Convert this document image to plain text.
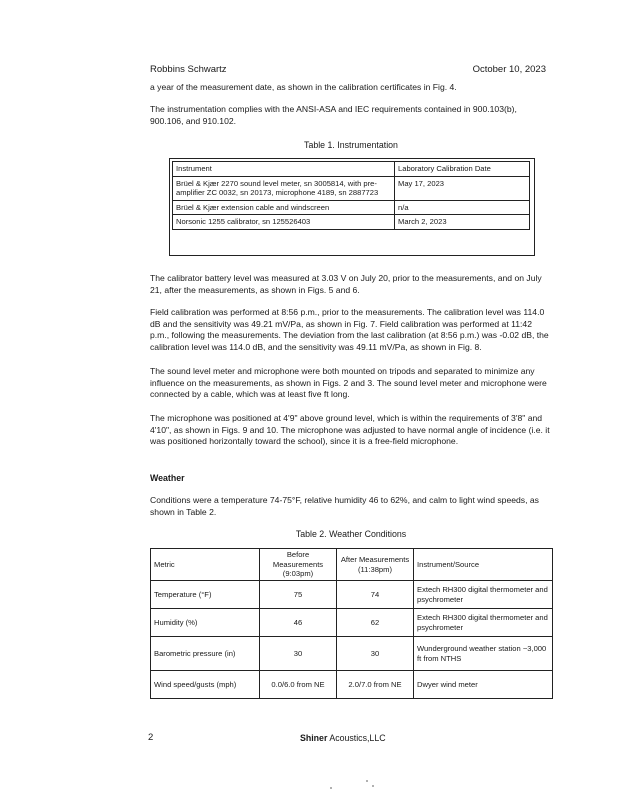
Robbins Schwartz	October 10, 2023
a year of the measurement date, as shown in the calibration certificates in Fig. 4.
The instrumentation complies with the ANSI-ASA and IEC requirements contained in 900.103(b), 900.106, and 910.102.
Table 1. Instrumentation
Instrument	Laboratory Calibration Date
Brüel & Kjær 2270 sound level meter, sn 3005814, with pre-amplifier ZC 0032, sn 20173, microphone 4189, sn 2887723	May 17, 2023
Brüel & Kjær extension cable and windscreen	n/a
Norsonic 1255 calibrator, sn 125526403	March 2, 2023
The calibrator battery level was measured at 3.03 V on July 20, prior to the measurements, and on July 21, after the measurements, as shown in Figs. 5 and 6.
Field calibration was performed at 8:56 p.m., prior to the measurements. The calibration level was 114.0 dB and the sensitivity was 49.21 mV/Pa, as shown in Fig. 7. Field calibration was performed at 11:42 p.m., following the measurements. The deviation from the last calibration (at 8:56 p.m.) was -0.02 dB, the calibration level was 114.0 dB, and the sensitivity was 49.11 mV/Pa, as shown in Fig. 8.
The sound level meter and microphone were both mounted on tripods and separated to minimize any influence on the measurements, as shown in Figs. 2 and 3. The sound level meter and microphone were connected by a cable, which was at least five ft long.
The microphone was positioned at 4'9" above ground level, which is within the requirements of 3'8" and 4'10", as shown in Figs. 9 and 10. The microphone was adjusted to have normal angle of incidence (i.e. it was positioned horizontally toward the school), since it is a free-field microphone.
Weather
Conditions were a temperature 74-75°F, relative humidity 46 to 62%, and calm to light wind speeds, as shown in Table 2.
Table 2. Weather Conditions
Metric	Before Measurements (9:03pm)	After Measurements (11:38pm)	Instrument/Source
Temperature (°F)	75	74	Extech RH300 digital thermometer and psychrometer
Humidity (%)	46	62	Extech RH300 digital thermometer and psychrometer
Barometric pressure (in)	30	30	Wunderground weather station ~3,000 ft from NTHS
Wind speed/gusts (mph)	0.0/6.0 from NE	2.0/7.0 from NE	Dwyer wind meter
2	Shiner Acoustics,LLC
